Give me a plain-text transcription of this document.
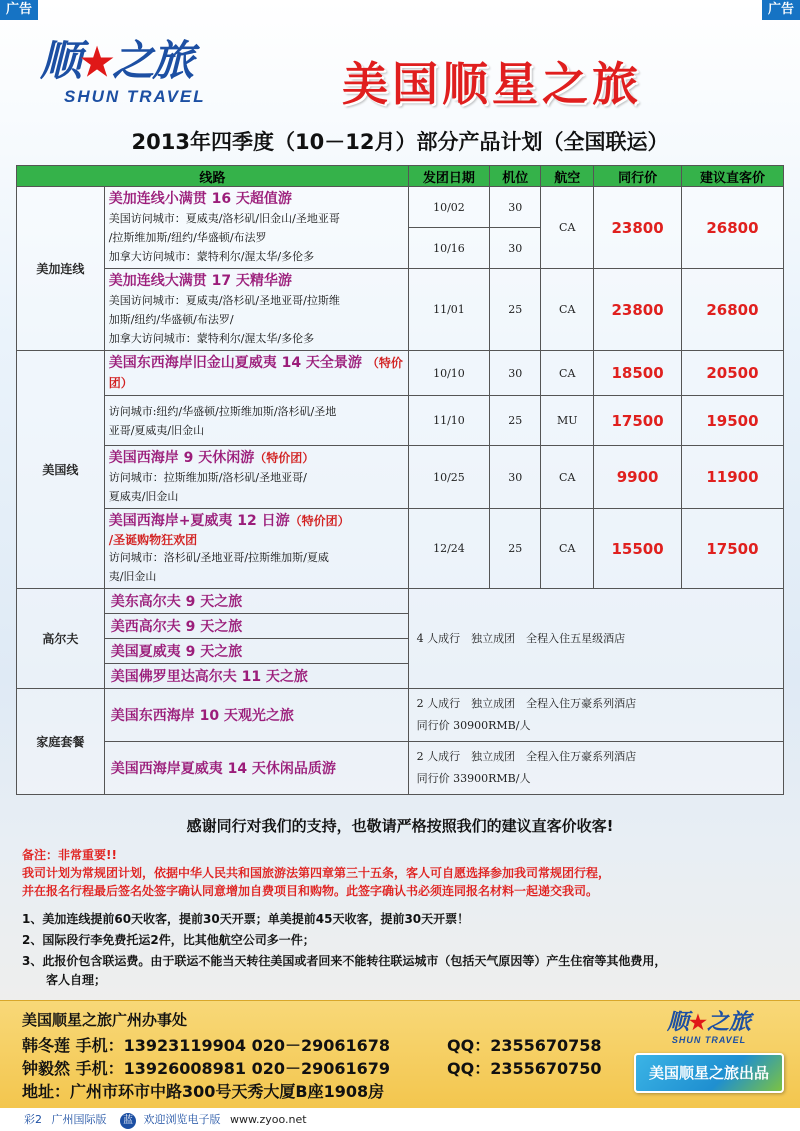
广告	广告
顺★之旅
SHUN TRAVEL	美国顺星之旅
2013年四季度（10－12月）部分产品计划（全国联运）
线路		发团日期	机位	航空	同行价	建议直客价
美加连线	美加连线小满贯 16 天超值游
美国访问城市：夏威夷/洛杉矶/旧金山/圣地亚哥
/拉斯维加斯/纽约/华盛顿/布法罗
加拿大访问城市：蒙特利尔/渥太华/多伦多	10/02	30	CA	23800	26800
		10/16	30			

	美加连线大满贯 17 天精华游
美国访问城市：夏威夷/洛杉矶/圣地亚哥/拉斯维
加斯/纽约/华盛顿/布法罗/
加拿大访问城市：蒙特利尔/渥太华/多伦多	11/01	25	CA	23800	26800
美国线	美国东西海岸旧金山夏威夷 14 天全景游 （特价团）	10/10	30	CA	18500	20500

	访问城市:纽约/华盛顿/拉斯维加斯/洛杉矶/圣地
亚哥/夏威夷/旧金山	11/10	25	MU	17500	19500

	美国西海岸 9 天休闲游（特价团）
访问城市：拉斯维加斯/洛杉矶/圣地亚哥/
夏威夷/旧金山	10/25	30	CA	9900	11900

	美国西海岸+夏威夷 12 日游（特价团）
/圣诞购物狂欢团
访问城市：洛杉矶/圣地亚哥/拉斯维加斯/夏威
夷/旧金山	12/24	25	CA	15500	17500
高尔夫	美东高尔夫 9 天之旅	4 人成行　独立成团　全程入住五星级酒店				
	美西高尔夫 9 天之旅					
	美国夏威夷 9 天之旅					
	美国佛罗里达高尔夫 11 天之旅					
家庭套餐	美国东西海岸 10 天观光之旅	2 人成行　独立成团　全程入住万豪系列酒店
同行价 30900RMB/人				

	美国西海岸夏威夷 14 天休闲品质游	2 人成行　独立成团　全程入住万豪系列酒店
同行价 33900RMB/人				
感谢同行对我们的支持，也敬请严格按照我们的建议直客价收客!
备注：非常重要!!
我司计划为常规团计划，依据中华人民共和国旅游法第四章第三十五条，客人可自愿选择参加我司常规团行程，
并在报名行程最后签名处签字确认同意增加自费项目和购物。此签字确认书必须连同报名材料一起递交我司。
1、美加连线提前60天收客，提前30天开票；单美提前45天收客，提前30天开票！
2、国际段行李免费托运2件，比其他航空公司多一件；
3、此报价包含联运费。由于联运不能当天转往美国或者回来不能转往联运城市（包括天气原因等）产生住宿等其他费用，
　　客人自理；
美国顺星之旅广州办事处
韩冬莲 手机：13923119904 020－29061678	QQ：2355670758
钟毅然 手机：13926008981 020－29061679	QQ：2355670750
地址：广州市环市中路300号天秀大厦B座1908房
顺★之旅
SHUN TRAVEL
美国顺星之旅出品
彩2 广州国际版 蓝 欢迎浏览电子版 www.zyoo.net
